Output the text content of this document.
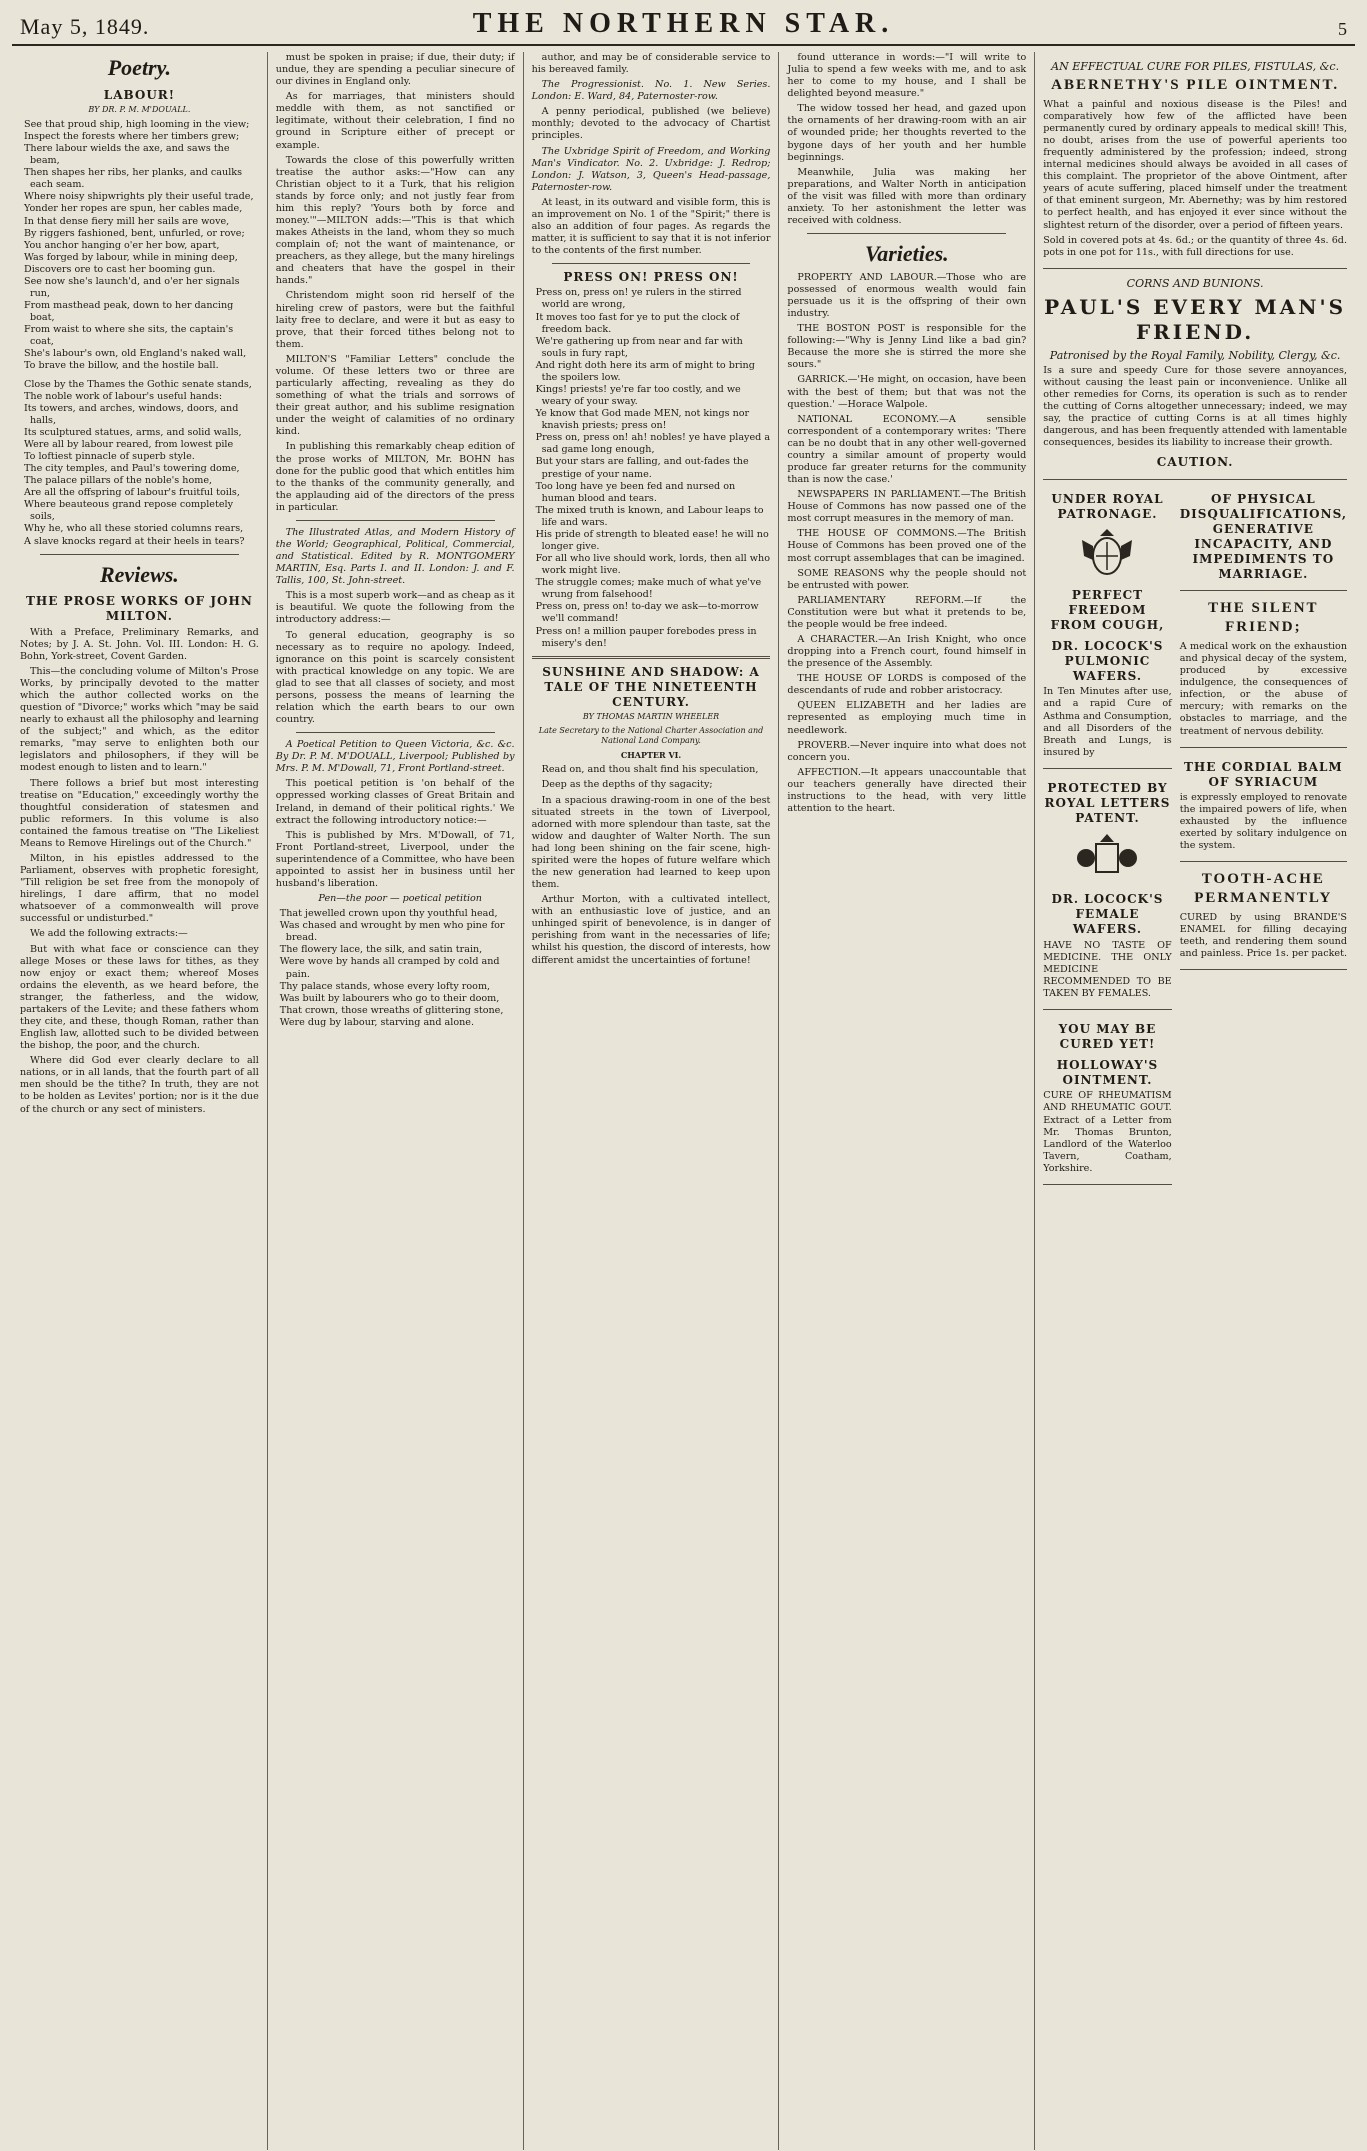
May 5, 1849.	THE NORTHERN STAR.	5
Poetry.
LABOUR!
BY DR. P. M. M'DOUALL.

See that proud ship, high looming in the view;

Inspect the forests where her timbers grew;

There labour wields the axe, and saws the beam,

Then shapes her ribs, her planks, and caulks each seam.

Where noisy shipwrights ply their useful trade,

Yonder her ropes are spun, her cables made,

In that dense fiery mill her sails are wove,

By riggers fashioned, bent, unfurled, or rove;

You anchor hanging o'er her bow, apart,

Was forged by labour, while in mining deep,

Discovers ore to cast her booming gun.

See now she's launch'd, and o'er her signals run,

From masthead peak, down to her dancing boat,

From waist to where she sits, the captain's coat,

She's labour's own, old England's naked wall,

To brave the billow, and the hostile ball.

Close by the Thames the Gothic senate stands,

The noble work of labour's useful hands:

Its towers, and arches, windows, doors, and halls,

Its sculptured statues, arms, and solid walls,

Were all by labour reared, from lowest pile

To loftiest pinnacle of superb style.

The city temples, and Paul's towering dome,

The palace pillars of the noble's home,

Are all the offspring of labour's fruitful toils,

Where beauteous grand repose completely soils,

Why he, who all these storied columns rears,

A slave knocks regard at their heels in tears?

Reviews.
THE PROSE WORKS OF JOHN MILTON.

With a Preface, Preliminary Remarks, and Notes; by J. A. St. John. Vol. III. London: H. G. Bohn, York-street, Covent Garden.

This—the concluding volume of Milton's Prose Works, by principally devoted to the matter which the author collected works on the question of "Divorce;" works which "may be said nearly to exhaust all the philosophy and learning of the subject;" and which, as the editor remarks, "may serve to enlighten both our legislators and philosophers, if they will be modest enough to listen and to learn."

There follows a brief but most interesting treatise on "Education," exceedingly worthy the thoughtful consideration of statesmen and public reformers. In this volume is also contained the famous treatise on "The Likeliest Means to Remove Hirelings out of the Church."

Milton, in his epistles addressed to the Parliament, observes with prophetic foresight, "Till religion be set free from the monopoly of hirelings, I dare affirm, that no model whatsoever of a commonwealth will prove successful or undisturbed."

We add the following extracts:—

But with what face or conscience can they allege Moses or these laws for tithes, as they now enjoy or exact them; whereof Moses ordains the eleventh, as we heard before, the stranger, the fatherless, and the widow, partakers of the Levite; and these fathers whom they cite, and these, though Roman, rather than English law, allotted such to be divided between the bishop, the poor, and the church.

Where did God ever clearly declare to all nations, or in all lands, that the fourth part of all men should be the tithe? In truth, they are not to be holden as Levites' portion; nor is it the due of the church or any sect of ministers.

must be spoken in praise; if due, their duty; if undue, they are spending a peculiar sinecure of our divines in England only.

As for marriages, that ministers should meddle with them, as not sanctified or legitimate, without their celebration, I find no ground in Scripture either of precept or example.

Towards the close of this powerfully written treatise the author asks:—"How can any Christian object to it a Turk, that his religion stands by force only; and not justly fear from him this reply? 'Yours both by force and money.'"—MILTON adds:—"This is that which makes Atheists in the land, whom they so much complain of; not the want of maintenance, or preachers, as they allege, but the many hirelings and cheaters that have the gospel in their hands."

Christendom might soon rid herself of the hireling crew of pastors, were but the faithful laity free to declare, and were it but as easy to prove, that their forced tithes belong not to them.

MILTON'S "Familiar Letters" conclude the volume. Of these letters two or three are particularly affecting, revealing as they do something of what the trials and sorrows of their great author, and his sublime resignation under the weight of calamities of no ordinary kind.

In publishing this remarkably cheap edition of the prose works of MILTON, Mr. BOHN has done for the public good that which entitles him to the thanks of the community generally, and the applauding aid of the directors of the press in particular.

The Illustrated Atlas, and Modern History of the World; Geographical, Political, Commercial, and Statistical. Edited by R. MONTGOMERY MARTIN, Esq. Parts I. and II. London: J. and F. Tallis, 100, St. John-street.

This is a most superb work—and as cheap as it is beautiful. We quote the following from the introductory address:—

To general education, geography is so necessary as to require no apology. Indeed, ignorance on this point is scarcely consistent with practical knowledge on any topic. We are glad to see that all classes of society, and most persons, possess the means of learning the relation which the earth bears to our own country.

A Poetical Petition to Queen Victoria, &c. &c. By Dr. P. M. M'DOUALL, Liverpool; Published by Mrs. P. M. M'Dowall, 71, Front Portland-street.

This poetical petition is 'on behalf of the oppressed working classes of Great Britain and Ireland, in demand of their political rights.' We extract the following introductory notice:—

This is published by Mrs. M'Dowall, of 71, Front Portland-street, Liverpool, under the superintendence of a Committee, who have been appointed to assist her in business until her husband's liberation.

Pen—the poor — poetical petition

That jewelled crown upon thy youthful head,

Was chased and wrought by men who pine for bread.

The flowery lace, the silk, and satin train,

Were wove by hands all cramped by cold and pain.

Thy palace stands, whose every lofty room,

Was built by labourers who go to their doom,

That crown, those wreaths of glittering stone,

Were dug by labour, starving and alone.

author, and may be of considerable service to his bereaved family.

The Progressionist. No. 1. New Series. London: E. Ward, 84, Paternoster-row.

A penny periodical, published (we believe) monthly; devoted to the advocacy of Chartist principles.

The Uxbridge Spirit of Freedom, and Working Man's Vindicator. No. 2. Uxbridge: J. Redrop; London: J. Watson, 3, Queen's Head-passage, Paternoster-row.

At least, in its outward and visible form, this is an improvement on No. 1 of the "Spirit;" there is also an addition of four pages. As regards the matter, it is sufficient to say that it is not inferior to the contents of the first number.

PRESS ON! PRESS ON!

Press on, press on! ye rulers in the stirred world are wrong,

It moves too fast for ye to put the clock of freedom back.

We're gathering up from near and far with souls in fury rapt,

And right doth here its arm of might to bring the spoilers low.

Kings! priests! ye're far too costly, and we weary of your sway.

Ye know that God made MEN, not kings nor knavish priests; press on!

Press on, press on! ah! nobles! ye have played a sad game long enough,

But your stars are falling, and out-fades the prestige of your name.

Too long have ye been fed and nursed on human blood and tears.

The mixed truth is known, and Labour leaps to life and wars.

His pride of strength to bleated ease! he will no longer give.

For all who live should work, lords, then all who work might live.

The struggle comes; make much of what ye've wrung from falsehood!

Press on, press on! to-day we ask—to-morrow we'll command!

Press on! a million pauper forebodes press in misery's den!

SUNSHINE AND SHADOW: A TALE OF THE NINETEENTH CENTURY.
BY THOMAS MARTIN WHEELER
Late Secretary to the National Charter Association and National Land Company.
CHAPTER VI.

Read on, and thou shalt find his speculation,

Deep as the depths of thy sagacity;

In a spacious drawing-room in one of the best situated streets in the town of Liverpool, adorned with more splendour than taste, sat the widow and daughter of Walter North. The sun had long been shining on the fair scene, high-spirited were the hopes of future welfare which the new generation had learned to keep upon them.

Arthur Morton, with a cultivated intellect, with an enthusiastic love of justice, and an unhinged spirit of benevolence, is in danger of perishing from want in the necessaries of life; whilst his question, the discord of interests, how different amidst the uncertainties of fortune!

found utterance in words:—"I will write to Julia to spend a few weeks with me, and to ask her to come to my house, and I shall be delighted beyond measure."

The widow tossed her head, and gazed upon the ornaments of her drawing-room with an air of wounded pride; her thoughts reverted to the bygone days of her youth and her humble beginnings.

Meanwhile, Julia was making her preparations, and Walter North in anticipation of the visit was filled with more than ordinary anxiety. To her astonishment the letter was received with coldness.

Varieties.

PROPERTY AND LABOUR.—Those who are possessed of enormous wealth would fain persuade us it is the offspring of their own industry.

THE BOSTON POST is responsible for the following:—"Why is Jenny Lind like a bad gin? Because the more she is stirred the more she sours."

GARRICK.—'He might, on occasion, have been with the best of them; but that was not the question.' —Horace Walpole.

NATIONAL ECONOMY.—A sensible correspondent of a contemporary writes: 'There can be no doubt that in any other well-governed country a similar amount of property would produce far greater returns for the community than is now the case.'

NEWSPAPERS IN PARLIAMENT.—The British House of Commons has now passed one of the most corrupt measures in the memory of man.

THE HOUSE OF COMMONS.—The British House of Commons has been proved one of the most corrupt assemblages that can be imagined.

SOME REASONS why the people should not be entrusted with power.

PARLIAMENTARY REFORM.—If the Constitution were but what it pretends to be, the people would be free indeed.

A CHARACTER.—An Irish Knight, who once dropping into a French court, found himself in the presence of the Assembly.

THE HOUSE OF LORDS is composed of the descendants of rude and robber aristocracy.

QUEEN ELIZABETH and her ladies are represented as employing much time in needlework.

PROVERB.—Never inquire into what does not concern you.

AFFECTION.—It appears unaccountable that our teachers generally have directed their instructions to the head, with very little attention to the heart.

AN EFFECTUAL CURE FOR PILES, FISTULAS, &c.
ABERNETHY'S PILE OINTMENT.

What a painful and noxious disease is the Piles! and comparatively how few of the afflicted have been permanently cured by ordinary appeals to medical skill! This, no doubt, arises from the use of powerful aperients too frequently administered by the profession; indeed, strong internal medicines should always be avoided in all cases of this complaint. The proprietor of the above Ointment, after years of acute suffering, placed himself under the treatment of that eminent surgeon, Mr. Abernethy; was by him restored to perfect health, and has enjoyed it ever since without the slightest return of the disorder, over a period of fifteen years.

Sold in covered pots at 4s. 6d.; or the quantity of three 4s. 6d. pots in one pot for 11s., with full directions for use.

CORNS AND BUNIONS.
PAUL'S EVERY MAN'S FRIEND.
Patronised by the Royal Family, Nobility, Clergy, &c.

Is a sure and speedy Cure for those severe annoyances, without causing the least pain or inconvenience. Unlike all other remedies for Corns, its operation is such as to render the cutting of Corns altogether unnecessary; indeed, we may say, the practice of cutting Corns is at all times highly dangerous, and has been frequently attended with lamentable consequences, besides its liability to increase their growth.

CAUTION.
UNDER ROYAL PATRONAGE.
PERFECT FREEDOM FROM COUGH,
DR. LOCOCK'S PULMONIC WAFERS.

In Ten Minutes after use, and a rapid Cure of Asthma and Consumption, and all Disorders of the Breath and Lungs, is insured by

PROTECTED BY ROYAL LETTERS PATENT.
DR. LOCOCK'S FEMALE WAFERS.

HAVE NO TASTE OF MEDICINE. THE ONLY MEDICINE RECOMMENDED TO BE TAKEN BY FEMALES.

YOU MAY BE CURED YET!
HOLLOWAY'S OINTMENT.

CURE OF RHEUMATISM AND RHEUMATIC GOUT. Extract of a Letter from Mr. Thomas Brunton, Landlord of the Waterloo Tavern, Coatham, Yorkshire.

OF PHYSICAL DISQUALIFICATIONS, GENERATIVE INCAPACITY, AND IMPEDIMENTS TO MARRIAGE.
THE SILENT FRIEND;

A medical work on the exhaustion and physical decay of the system, produced by excessive indulgence, the consequences of infection, or the abuse of mercury; with remarks on the obstacles to marriage, and the treatment of nervous debility.

THE CORDIAL BALM OF SYRIACUM

is expressly employed to renovate the impaired powers of life, when exhausted by the influence exerted by solitary indulgence on the system.

TOOTH-ACHE PERMANENTLY

CURED by using BRANDE'S ENAMEL for filling decaying teeth, and rendering them sound and painless. Price 1s. per packet.
